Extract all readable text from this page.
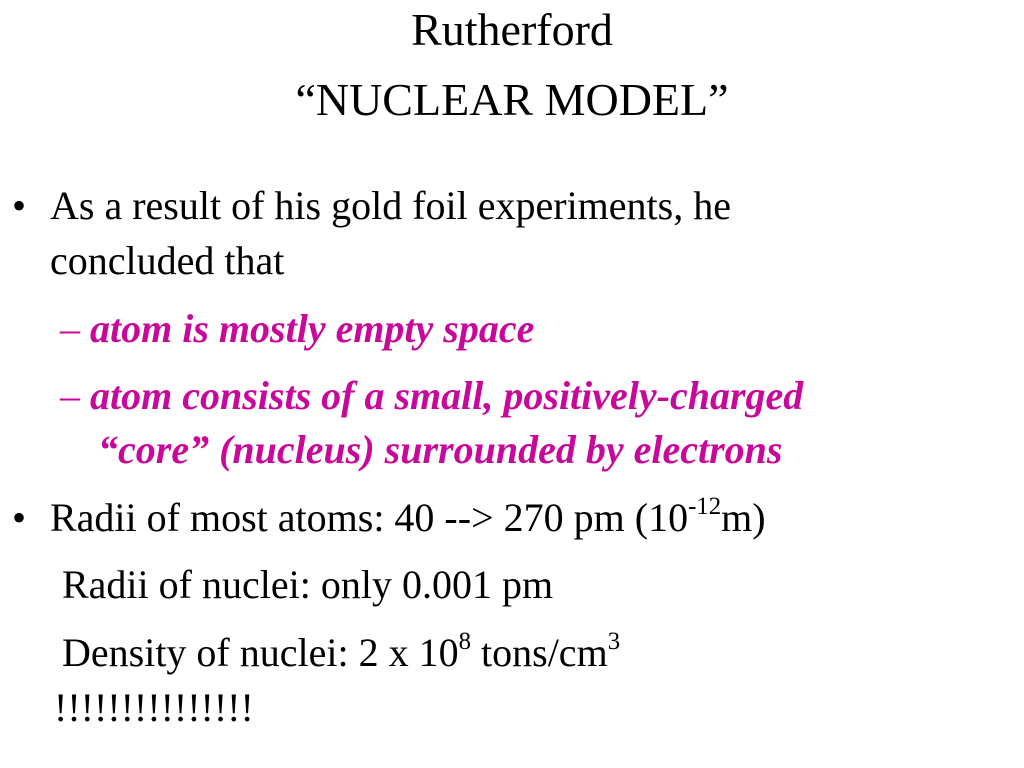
Rutherford
“NUCLEAR MODEL”
• As a result of his gold foil experiments, he
concluded that
– atom is mostly empty space
– atom consists of a small, positively-charged
“core” (nucleus) surrounded by electrons
• Radii of most atoms: 40 --> 270 pm $(10^{-12}m)$
Radii of nuclei: only 0.001 pm
Density of nuclei: 2 x $10^8$ tons/$cm^3$
!!!!!!!!!!!!!!!
